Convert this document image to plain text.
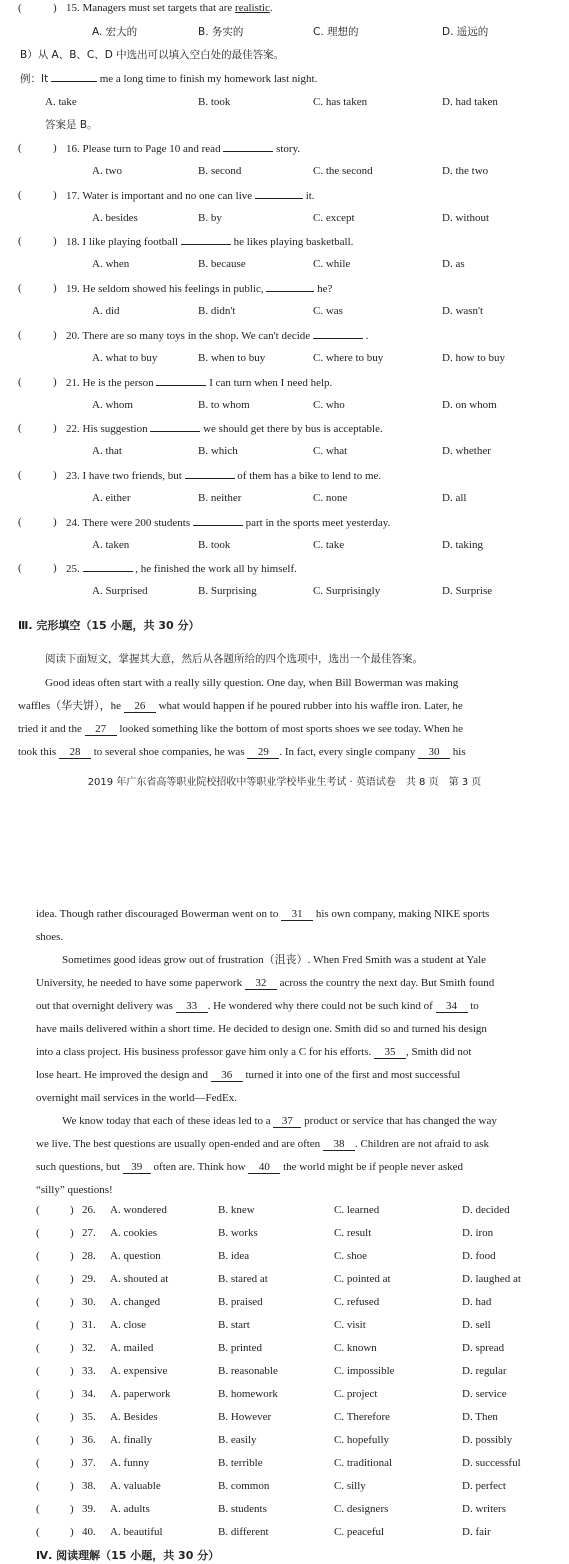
(	) 15. Managers must set targets that are realistic.
A. 宏大的	B. 务实的	C. 理想的	D. 遥远的
B）从 A、B、C、D 中选出可以填入空白处的最佳答案。
例：It	me a long time to finish my homework last night.
A. take	B. took	C. has taken	D. had taken
答案是 B。
(	) 16. Please turn to Page 10 and read	story.
A. two	B. second	C. the second	D. the two
(	) 17. Water is important and no one can live	it.
A. besides	B. by	C. except	D. without
(	) 18. I like playing football	he likes playing basketball.
A. when	B. because	C. while	D. as
(	) 19. He seldom showed his feelings in public,	he?
A. did	B. didn't	C. was	D. wasn't
(	) 20. There are so many toys in the shop. We can't decide	.
A. what to buy	B. when to buy	C. where to buy	D. how to buy
(	) 21. He is the person	I can turn when I need help.
A. whom	B. to whom	C. who	D. on whom
(	) 22. His suggestion	we should get there by bus is acceptable.
A. that	B. which	C. what	D. whether
(	) 23. I have two friends, but	of them has a bike to lend to me.
A. either	B. neither	C. none	D. all
(	) 24. There were 200 students	part in the sports meet yesterday.
A. taken	B. took	C. take	D. taking
(	) 25.	, he finished the work all by himself.
A. Surprised	B. Surprising	C. Surprisingly	D. Surprise
Ⅲ. 完形填空（15 小题，共 30 分）
阅读下面短文，掌握其大意，然后从各题所给的四个选项中，选出一个最佳答案。
Good ideas often start with a really silly question. One day, when Bill Bowerman was making
waffles（华夫饼），he 26 what would happen if he poured rubber into his waffle iron. Later, he
tried it and the 27 looked something like the bottom of most sports shoes we see today. When he
took this 28 to several shoe companies, he was 29 . In fact, every single company 30 his
2019 年广东省高等职业院校招收中等职业学校毕业生考试 · 英语试卷　共 8 页　第 3 页
idea. Though rather discouraged Bowerman went on to 31 his own company, making NIKE sports
shoes.
Sometimes good ideas grow out of frustration（沮丧）. When Fred Smith was a student at Yale
University, he needed to have some paperwork 32 across the country the next day. But Smith found
out that overnight delivery was 33 . He wondered why there could not be such kind of 34 to
have mails delivered within a short time. He decided to design one. Smith did so and turned his design
into a class project. His business professor gave him only a C for his efforts. 35 , Smith did not
lose heart. He improved the design and 36 turned it into one of the first and most successful
overnight mail services in the world—FedEx.
We know today that each of these ideas led to a 37 product or service that has changed the way
we live. The best questions are usually open-ended and are often 38 . Children are not afraid to ask
such questions, but 39 often are. Think how 40 the world might be if people never asked
“silly” questions!
(	) 26. A. wondered	B. knew	C. learned	D. decided
(	) 27. A. cookies	B. works	C. result	D. iron
(	) 28. A. question	B. idea	C. shoe	D. food
(	) 29. A. shouted at	B. stared at	C. pointed at	D. laughed at
(	) 30. A. changed	B. praised	C. refused	D. had
(	) 31. A. close	B. start	C. visit	D. sell
(	) 32. A. mailed	B. printed	C. known	D. spread
(	) 33. A. expensive	B. reasonable	C. impossible	D. regular
(	) 34. A. paperwork	B. homework	C. project	D. service
(	) 35. A. Besides	B. However	C. Therefore	D. Then
(	) 36. A. finally	B. easily	C. hopefully	D. possibly
(	) 37. A. funny	B. terrible	C. traditional	D. successful
(	) 38. A. valuable	B. common	C. silly	D. perfect
(	) 39. A. adults	B. students	C. designers	D. writers
(	) 40. A. beautiful	B. different	C. peaceful	D. fair
Ⅳ. 阅读理解（15 小题，共 30 分）
